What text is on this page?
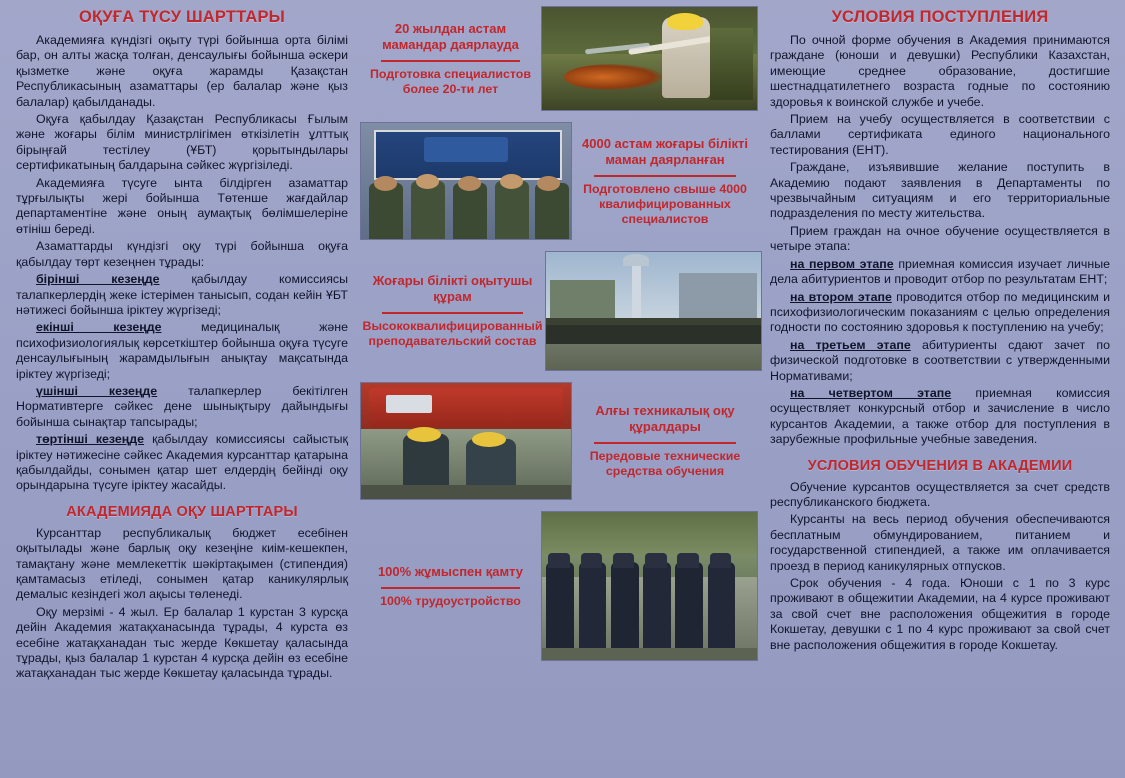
ОҚУҒА ТҮСУ ШАРТТАРЫ

Академияға күндізгі оқыту түрі бойынша орта білімі бар, он алты жасқа толған, денсаулығы бойынша әскери қызметке және оқуға жарамды Қазақстан Республикасының азаматтары (ер балалар және қыз балалар) қабылданады.

Оқуға қабылдау Қазақстан Республикасы Ғылым және жоғары білім министрлігімен өткізілетін ұлттық бірыңғай тестілеу (ҰБТ) қорытындылары сертификатының балдарына сәйкес жүргізіледі.

Академияға түсуге ынта білдірген азаматтар тұрғылықты жері бойынша Төтенше жағдайлар департаментіне және оның аумақтық бөлімшелеріне өтініш береді.

Азаматтарды күндізгі оқу түрі бойынша оқуға қабылдау төрт кезеңнен тұрады:

бірінші кезеңде қабылдау комиссиясы талапкерлердің жеке істерімен танысып, содан кейін ҰБТ нәтижесі бойынша іріктеу жүргізеді;

екінші кезеңде медициналық және психофизиологиялық көрсеткіштер бойынша оқуға түсуге денсаулығының жарамдылығын анықтау мақсатында іріктеу жүргізеді;

үшінші кезеңде талапкерлер бекітілген Нормативтерге сәйкес дене шынықтыру дайындығы бойынша сынақтар тапсырады;

төртінші кезеңде қабылдау комиссиясы сайыстық іріктеу нәтижесіне сәйкес Академия курсанттар қатарына қабылдайды, сонымен қатар шет елдердің бейінді оқу орындарына түсуге іріктеу жасайды.

АКАДЕМИЯДА ОҚУ ШАРТТАРЫ

Курсанттар республикалық бюджет есебінен оқытылады және барлық оқу кезеңіне киім-кешекпен, тамақтану және мемлекеттік шәкіртақымен (стипендия) қамтамасыз етіледі, сонымен қатар каникулярлық демалыс кезіндегі жол ақысы төленеді.

Оқу мерзімі - 4 жыл. Ер балалар 1 курстан 3 курсқа дейін Академия жатақханасында тұрады, 4 курста өз есебіне жатақханадан тыс жерде Көкшетау қаласында тұрады, қыз балалар 1 курстан 4 курсқа дейін өз есебіне жатақханадан тыс жерде Көкшетау қаласында тұрады.

20 жылдан астам мамандар даярлауда
Подготовка специалистов более 20-ти лет
4000 астам жоғары білікті маман даярланған
Подготовлено свыше 4000 квалифицированных специалистов
Жоғары білікті оқытушы құрам
Высококвалифицированный преподавательский состав
Алғы техникалық оқу құралдары
Передовые технические средства обучения
100% жұмыспен қамту
100% трудоустройство
УСЛОВИЯ ПОСТУПЛЕНИЯ

По очной форме обучения в Академия принимаются граждане (юноши и девушки) Республики Казахстан, имеющие среднее образование, достигшие шестнадцатилетнего возраста годные по состоянию здоровья к воинской службе и учебе.

Прием на учебу осуществляется в соответствии с баллами сертификата единого национального тестирования (ЕНТ).

Граждане, изъявившие желание поступить в Академию подают заявления в Департаменты по чрезвычайным ситуациям и его территориальные подразделения по месту жительства.

Прием граждан на очное обучение осуществляется в четыре этапа:

на первом этапе приемная комиссия изучает личные дела абитуриентов и проводит отбор по результатам ЕНТ;

на втором этапе проводится отбор по медицинским и психофизиологическим показаниям с целью определения годности по состоянию здоровья к поступлению на учебу;

на третьем этапе абитуриенты сдают зачет по физической подготовке в соответствии с утвержденными Нормативами;

на четвертом этапе приемная комиссия осуществляет конкурсный отбор и зачисление в число курсантов Академии, а также отбор для поступления в зарубежные профильные учебные заведения.

УСЛОВИЯ ОБУЧЕНИЯ В АКАДЕМИИ

Обучение курсантов осуществляется за счет средств республиканского бюджета.

Курсанты на весь период обучения обеспечиваются бесплатным обмундированием, питанием и государственной стипендией, а также им оплачивается проезд в период каникулярных отпусков.

Срок обучения - 4 года. Юноши с 1 по 3 курс проживают в общежитии Академии, на 4 курсе проживают за свой счет вне расположения общежития в городе Кокшетау, девушки с 1 по 4 курс проживают за свой счет вне расположения общежития в городе Кокшетау.
